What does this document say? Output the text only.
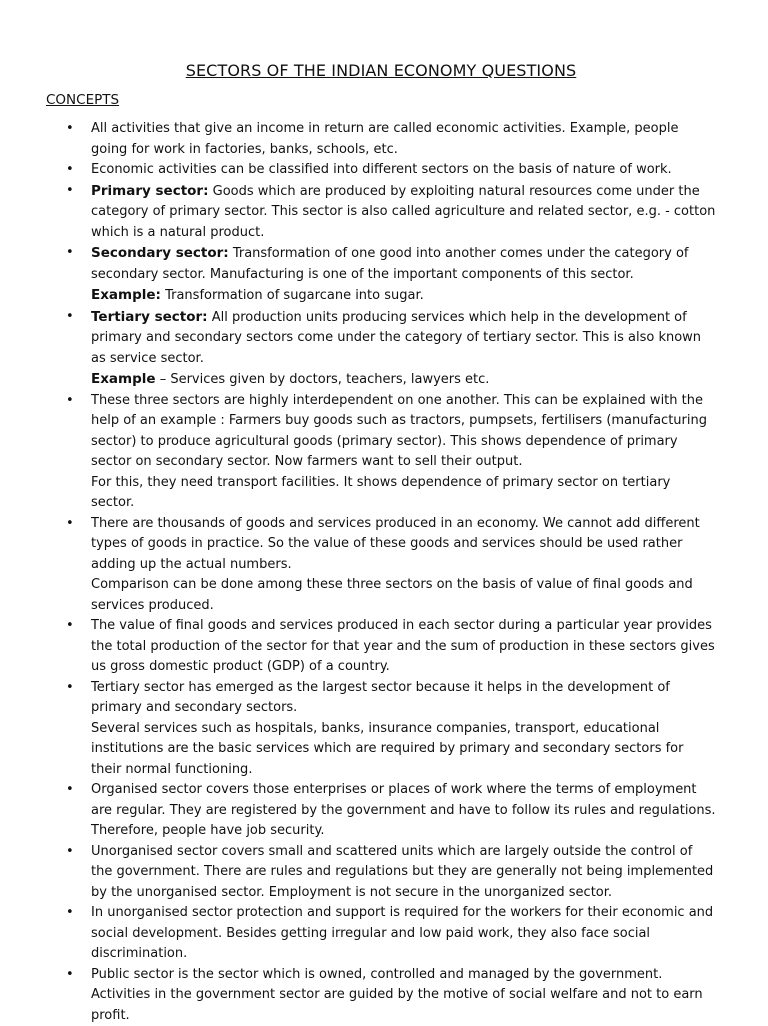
SECTORS OF THE INDIAN ECONOMY QUESTIONS
CONCEPTS
• All activities that give an income in return are called economic activities. Example, people going for work in factories, banks, schools, etc.
• Economic activities can be classified into different sectors on the basis of nature of work.
• Primary sector: Goods which are produced by exploiting natural resources come under the category of primary sector. This sector is also called agriculture and related sector, e.g. - cotton which is a natural product.
• Secondary sector: Transformation of one good into another comes under the category of secondary sector. Manufacturing is one of the important components of this sector.
Example: Transformation of sugarcane into sugar.
• Tertiary sector: All production units producing services which help in the development of primary and secondary sectors come under the category of tertiary sector. This is also known as service sector.
Example – Services given by doctors, teachers, lawyers etc.
• These three sectors are highly interdependent on one another. This can be explained with the help of an example : Farmers buy goods such as tractors, pumpsets, fertilisers (manufacturing sector) to produce agricultural goods (primary sector). This shows dependence of primary sector on secondary sector. Now farmers want to sell their output.
For this, they need transport facilities. It shows dependence of primary sector on tertiary sector.
• There are thousands of goods and services produced in an economy. We cannot add different types of goods in practice. So the value of these goods and services should be used rather adding up the actual numbers.
Comparison can be done among these three sectors on the basis of value of final goods and services produced.
• The value of final goods and services produced in each sector during a particular year provides the total production of the sector for that year and the sum of production in these sectors gives us gross domestic product (GDP) of a country.
• Tertiary sector has emerged as the largest sector because it helps in the development of primary and secondary sectors.
Several services such as hospitals, banks, insurance companies, transport, educational institutions are the basic services which are required by primary and secondary sectors for their normal functioning.
• Organised sector covers those enterprises or places of work where the terms of employment are regular. They are registered by the government and have to follow its rules and regulations. Therefore, people have job security.
• Unorganised sector covers small and scattered units which are largely outside the control of the government. There are rules and regulations but they are generally not being implemented by the unorganised sector. Employment is not secure in the unorganized sector.
• In unorganised sector protection and support is required for the workers for their economic and social development. Besides getting irregular and low paid work, they also face social discrimination.
• Public sector is the sector which is owned, controlled and managed by the government. Activities in the government sector are guided by the motive of social welfare and not to earn profit.
